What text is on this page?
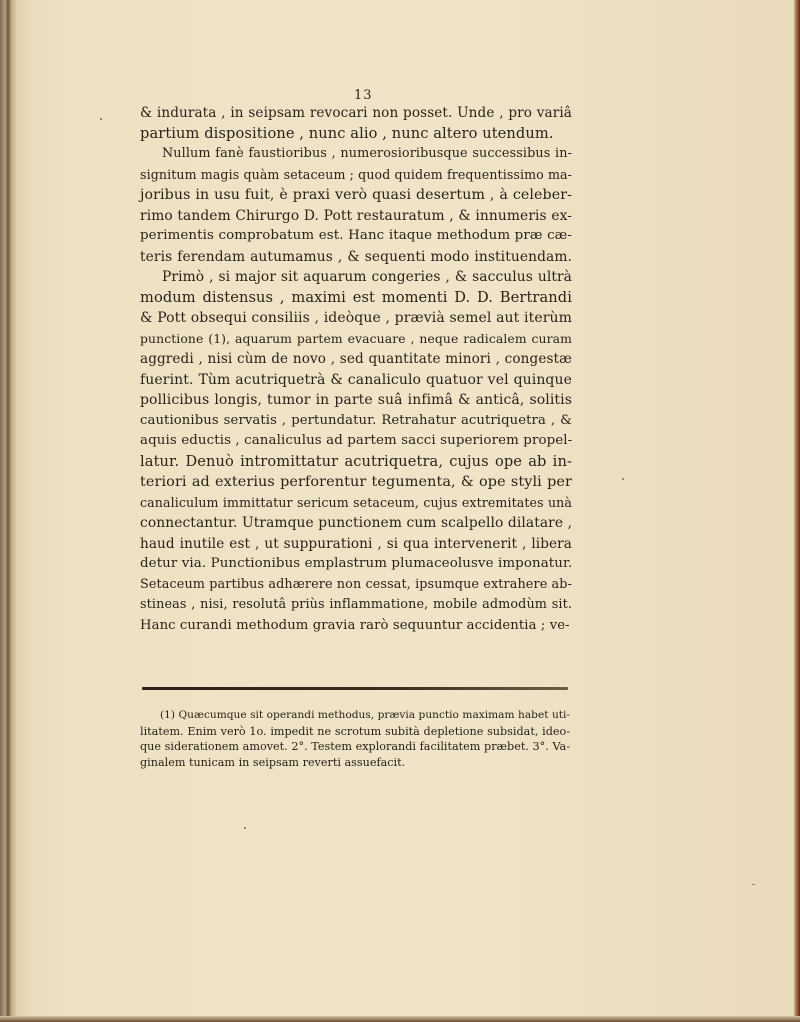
13
& indurata , in seipsam revocari non posset. Unde , pro variâ
partium dispositione , nunc alio , nunc altero utendum.
Nullum fanè faustioribus , numerosioribusque successibus in-
signitum magis quàm setaceum ; quod quidem frequentissimo ma-
joribus in usu fuit, è praxi verò quasi desertum , à celeber-
rimo tandem Chirurgo D. Pott restauratum , & innumeris ex-
perimentis comprobatum est. Hanc itaque methodum præ cæ-
teris ferendam autumamus , & sequenti modo instituendam.
Primò , si major sit aquarum congeries , & sacculus ultrà
modum distensus , maximi est momenti D. D. Bertrandi
& Pott obsequi consiliis , ideòque , prævià semel aut iterùm
punctione (1), aquarum partem evacuare , neque radicalem curam
aggredi , nisi cùm de novo , sed quantitate minori , congestæ
fuerint. Tùm acutriquetrà & canaliculo quatuor vel quinque
pollicibus longis, tumor in parte suâ infimâ & anticâ, solitis
cautionibus servatis , pertundatur. Retrahatur acutriquetra , &
aquis eductis , canaliculus ad partem sacci superiorem propel-
latur. Denuò intromittatur acutriquetra, cujus ope ab in-
teriori ad exterius perforentur tegumenta, & ope styli per
canaliculum immittatur sericum setaceum, cujus extremitates unà
connectantur. Utramque punctionem cum scalpello dilatare ,
haud inutile est , ut suppurationi , si qua intervenerit , libera
detur via. Punctionibus emplastrum plumaceolusve imponatur.
Setaceum partibus adhærere non cessat, ipsumque extrahere ab-
stineas , nisi, resolutâ priùs inflammatione, mobile admodùm sit.
Hanc curandi methodum gravia rarò sequuntur accidentia ; ve-
(1) Quæcumque sit operandi methodus, prævia punctio maximam habet uti-
litatem. Enim verò 1o. impedit ne scrotum subità depletione subsidat, ideo-
que siderationem amovet. 2°. Testem explorandi facilitatem præbet. 3°. Va-
ginalem tunicam in seipsam reverti assuefacit.
